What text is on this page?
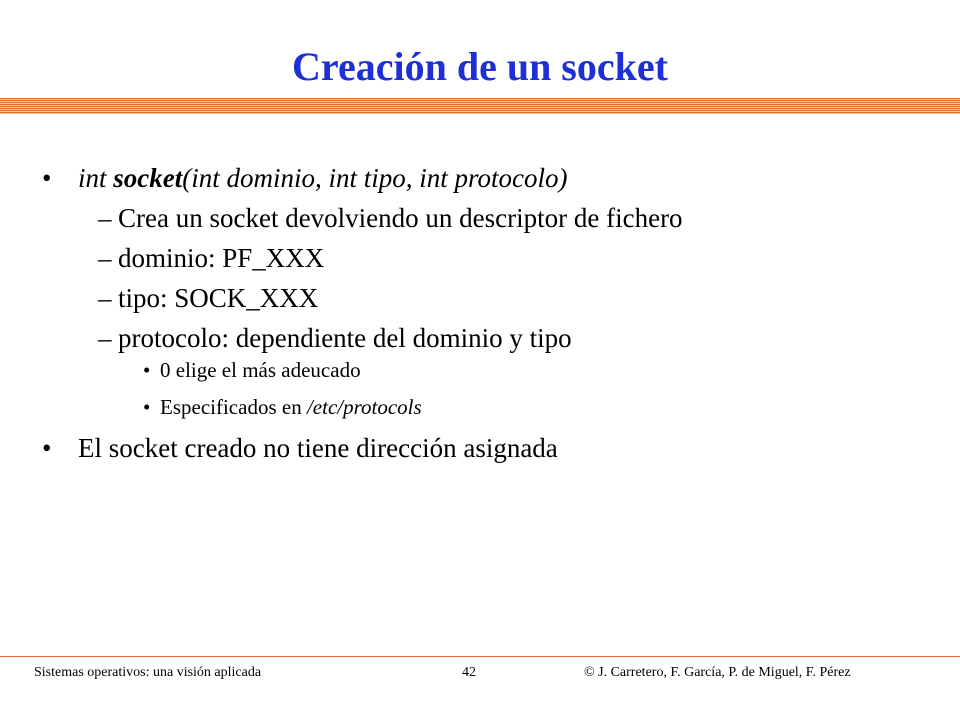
Creación de un socket
• int socket(int dominio, int tipo, int protocolo)
– Crea un socket devolviendo un descriptor de fichero
– dominio: PF_XXX
– tipo: SOCK_XXX
– protocolo: dependiente del dominio y tipo
• 0 elige el más adeucado
• Especificados en /etc/protocols
• El socket creado no tiene dirección asignada
Sistemas operativos: una visión aplicada	42	© J. Carretero, F. García, P. de Miguel, F. Pérez
